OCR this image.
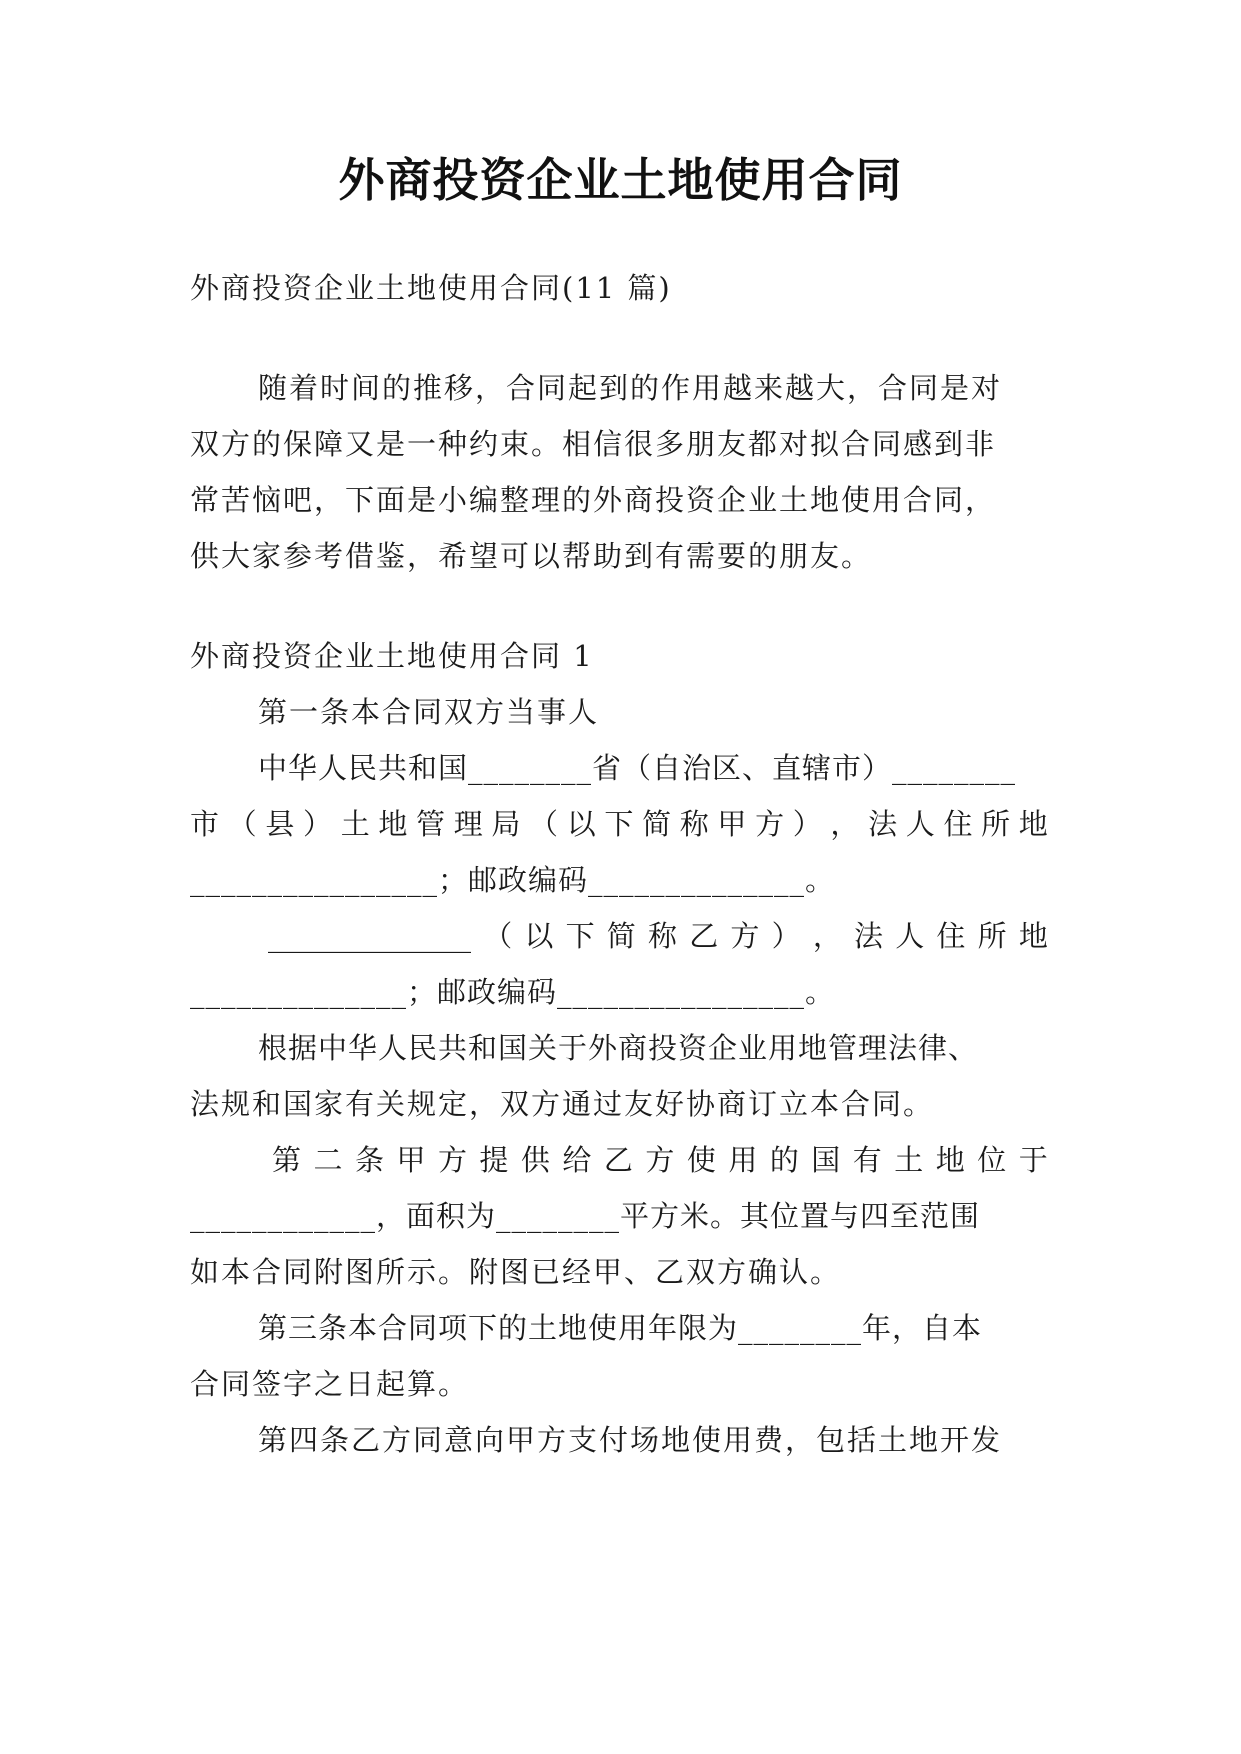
外商投资企业土地使用合同
外商投资企业土地使用合同(11 篇)
随着时间的推移，合同起到的作用越来越大，合同是对
双方的保障又是一种约束。相信很多朋友都对拟合同感到非
常苦恼吧，下面是小编整理的外商投资企业土地使用合同，
供大家参考借鉴，希望可以帮助到有需要的朋友。
外商投资企业土地使用合同 1
第一条本合同双方当事人
中华人民共和国________省（自治区、直辖市）________
市 （ 县 ） 土 地 管 理 局 （ 以 下 简 称 甲 方 ） ， 法 人 住 所 地
________________；邮政编码______________。
______________ （ 以 下 简 称 乙 方 ） ， 法 人 住 所 地
______________；邮政编码________________。
根据中华人民共和国关于外商投资企业用地管理法律、
法规和国家有关规定，双方通过友好协商订立本合同。
第 二 条 甲 方 提 供 给 乙 方 使 用 的 国 有 土 地 位 于
____________，面积为________平方米。其位置与四至范围
如本合同附图所示。附图已经甲、乙双方确认。
第三条本合同项下的土地使用年限为________年，自本
合同签字之日起算。
第四条乙方同意向甲方支付场地使用费，包括土地开发
